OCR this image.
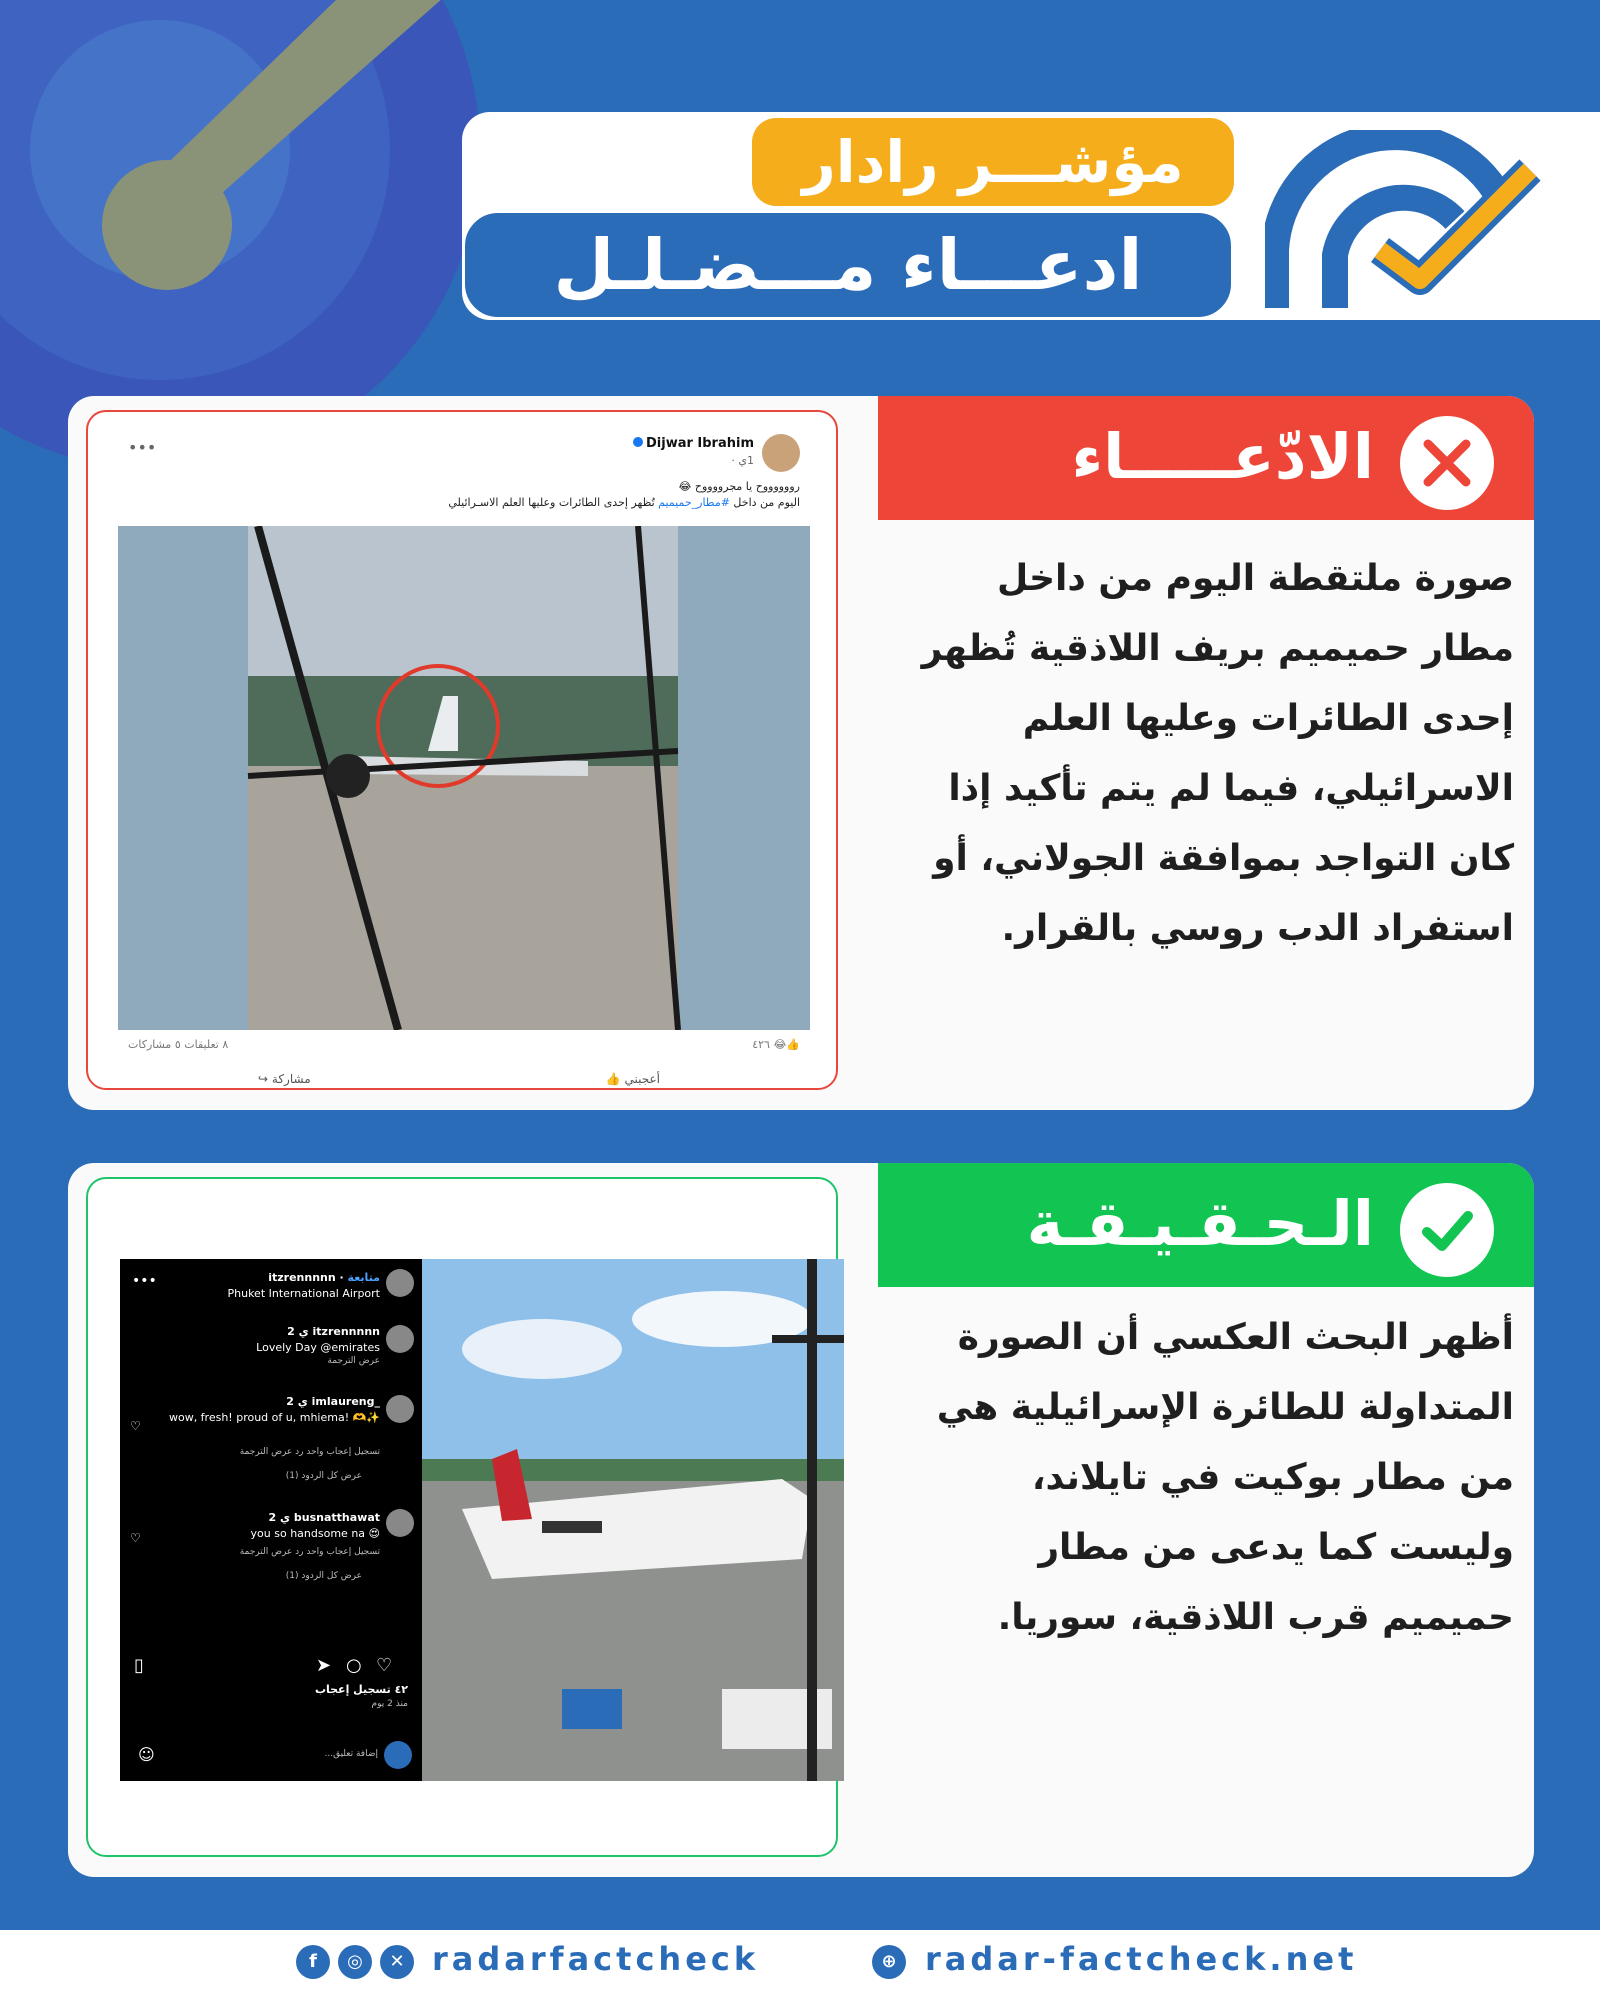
مؤشـــر رادار
ادعـــاء مـــضـلـل
الادّعـــــاء
صورة ملتقطة اليوم من داخل مطار حميميم بريف اللاذقية تُظهر إحدى الطائرات وعليها العلم الاسرائيلي، فيما لم يتم تأكيد إذا كان التواجد بموافقة الجولاني، أو استفراد الدب روسي بالقرار.
Dijwar Ibrahim
1ي ·
•••
رووووووح يا مجرووووح 😂
اليوم من داخل #مطار_حميميم تُظهر إحدى الطائرات وعليها العلم الاسـرائيلي
٨ تعليقات ٥ مشاركات	👍😂 ٤٢٦
أعجبني 👍
مشاركة ↪
الـحـقـيـقـة
أظهر البحث العكسي أن الصورة المتداولة للطائرة الإسرائيلية هي من مطار بوكيت في تايلاند، وليست كما يدعى من مطار حميميم قرب اللاذقية، سوريا.
itzrennnnn · متابعة
Phuket International Airport
•••
2 ي itzrennnnn
Lovely Day @emirates
عرض الترجمة
2 ي imlaureng_
wow, fresh! proud of u, mhiema! 🫶✨
♡
تسجيل إعجاب واحد رد عرض الترجمة
عرض كل الردود (1)
2 ي busnatthawat
you so handsome na 😍
♡
تسجيل إعجاب واحد رد عرض الترجمة
عرض كل الردود (1)
▯	➤ ○ ♡
٤٢ تسجيل إعجاب
منذ 2 يوم
☺	إضافة تعليق...
f	◎	✕ radarfactcheck	⊕ radar-factcheck.net
